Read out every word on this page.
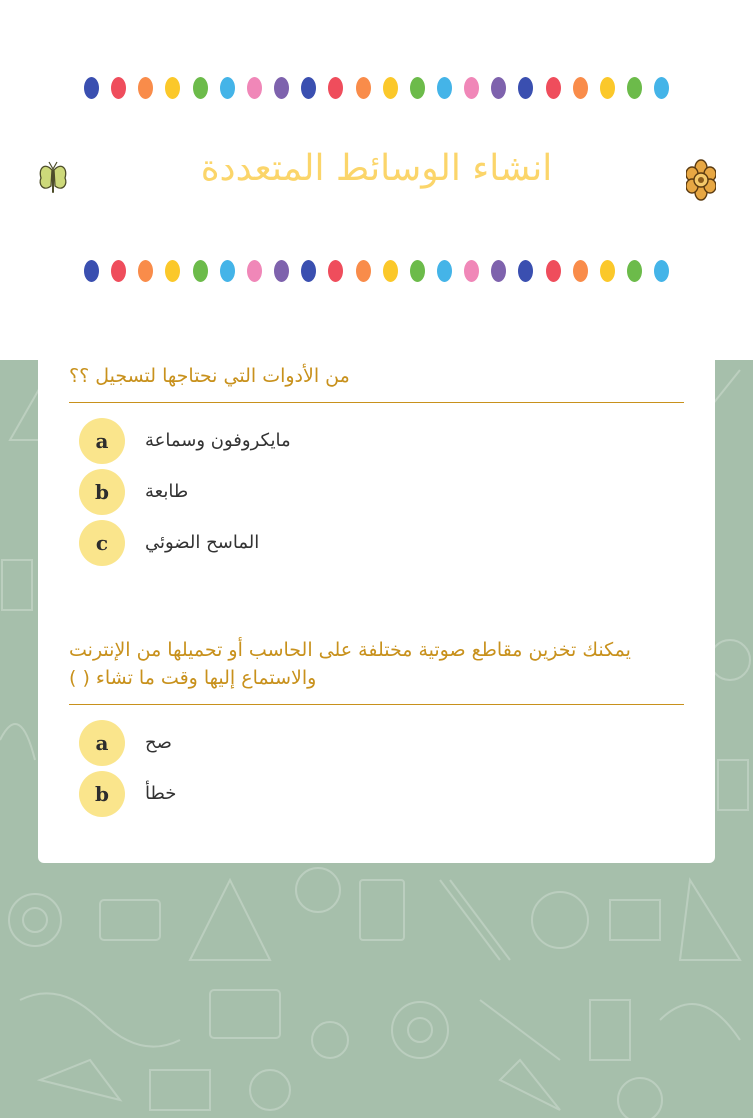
انشاء الوسائط المتعددة
من الأدوات التي نحتاجها لتسجيل ؟؟
a	مايكروفون وسماعة
b	طابعة
c	الماسح الضوئي
يمكنك تخزين مقاطع صوتية مختلفة على الحاسب أو تحميلها من الإنترنت
والاستماع إليها وقت ما تشاء ( )
a	صح
b	خطأ
